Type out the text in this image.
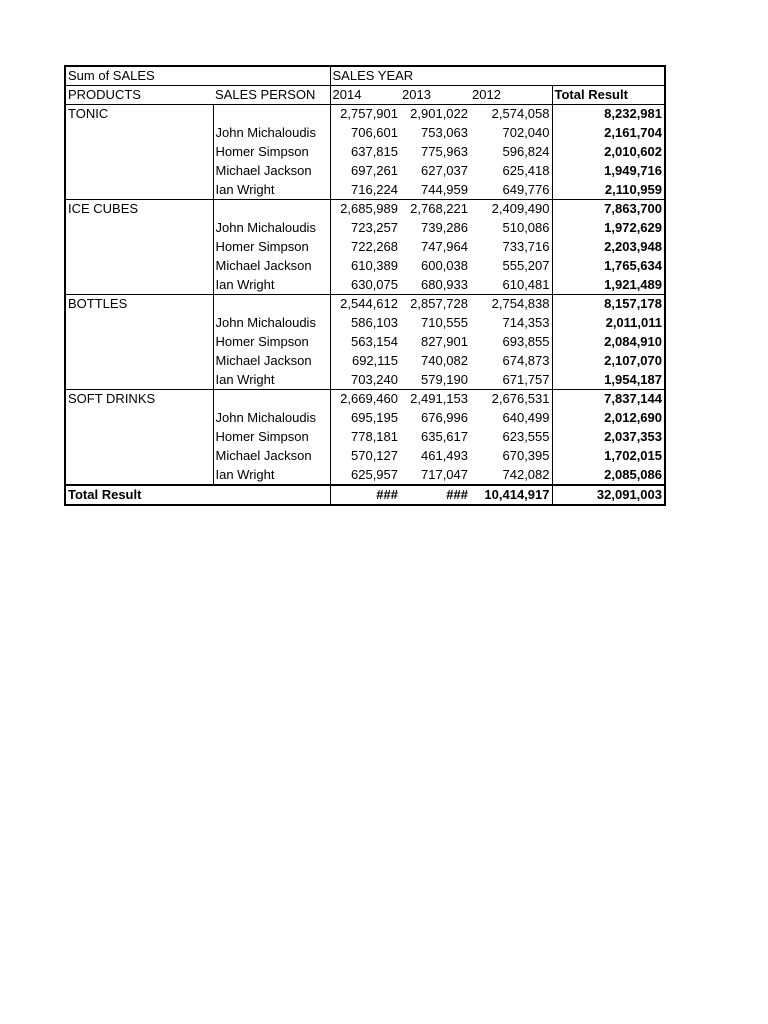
Sum of SALES		SALES YEAR			
PRODUCTS	SALES PERSON	2014	2013	2012	Total Result
TONIC		2,757,901	2,901,022	2,574,058	8,232,981
	John Michaloudis	706,601	753,063	702,040	2,161,704
	Homer Simpson	637,815	775,963	596,824	2,010,602
	Michael Jackson	697,261	627,037	625,418	1,949,716
	Ian Wright	716,224	744,959	649,776	2,110,959
ICE CUBES		2,685,989	2,768,221	2,409,490	7,863,700
	John Michaloudis	723,257	739,286	510,086	1,972,629
	Homer Simpson	722,268	747,964	733,716	2,203,948
	Michael Jackson	610,389	600,038	555,207	1,765,634
	Ian Wright	630,075	680,933	610,481	1,921,489
BOTTLES		2,544,612	2,857,728	2,754,838	8,157,178
	John Michaloudis	586,103	710,555	714,353	2,011,011
	Homer Simpson	563,154	827,901	693,855	2,084,910
	Michael Jackson	692,115	740,082	674,873	2,107,070
	Ian Wright	703,240	579,190	671,757	1,954,187
SOFT DRINKS		2,669,460	2,491,153	2,676,531	7,837,144
	John Michaloudis	695,195	676,996	640,499	2,012,690
	Homer Simpson	778,181	635,617	623,555	2,037,353
	Michael Jackson	570,127	461,493	670,395	1,702,015
	Ian Wright	625,957	717,047	742,082	2,085,086
Total Result		###	###	10,414,917	32,091,003
